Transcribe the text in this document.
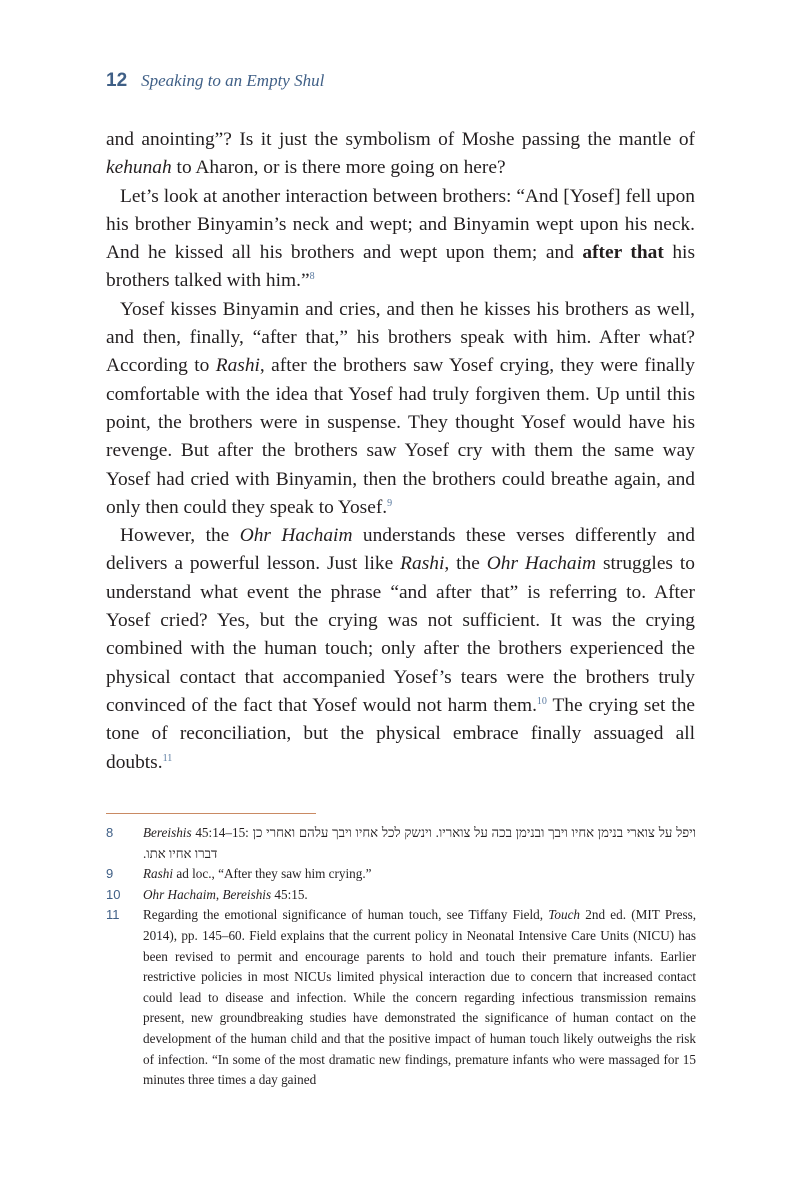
12 Speaking to an Empty Shul

and anointing”? Is it just the symbolism of Moshe passing the mantle of kehunah to Aharon, or is there more going on here?

Let’s look at another interaction between brothers: “And [Yosef] fell upon his brother Binyamin’s neck and wept; and Binyamin wept upon his neck. And he kissed all his brothers and wept upon them; and after that his brothers talked with him.”$^8$

Yosef kisses Binyamin and cries, and then he kisses his brothers as well, and then, finally, “after that,” his brothers speak with him. After what? According to Rashi, after the brothers saw Yosef crying, they were finally comfortable with the idea that Yosef had truly forgiven them. Up until this point, the brothers were in suspense. They thought Yosef would have his revenge. But after the brothers saw Yosef cry with them the same way Yosef had cried with Binyamin, then the brothers could breathe again, and only then could they speak to Yosef.$^9$

However, the Ohr Hachaim understands these verses differently and delivers a powerful lesson. Just like Rashi, the Ohr Hachaim struggles to understand what event the phrase “and after that” is referring to. After Yosef cried? Yes, but the crying was not sufficient. It was the crying combined with the human touch; only after the brothers experienced the physical contact that accompanied Yosef’s tears were the brothers truly convinced of the fact that Yosef would not harm them.$^{10}$ The crying set the tone of reconciliation, but the physical embrace finally assuaged all doubts.$^{11}$

8	Bereishis 45:14–15: ויפל על צוארי בנימן אחיו ויבך ובנימן בכה על צואריו. וינשק לכל אחיו ויבך עלהם ואחרי כן דברו אחיו אתו.
9	Rashi ad loc., “After they saw him crying.”
10	Ohr Hachaim, Bereishis 45:15.
11	Regarding the emotional significance of human touch, see Tiffany Field, Touch 2nd ed. (MIT Press, 2014), pp. 145–60. Field explains that the current policy in Neonatal Intensive Care Units (NICU) has been revised to permit and encourage parents to hold and touch their premature infants. Earlier restrictive policies in most NICUs limited physical interaction due to concern that increased contact could lead to disease and infection. While the concern regarding infectious transmission remains present, new groundbreaking studies have demonstrated the significance of human contact on the development of the human child and that the positive impact of human touch likely outweighs the risk of infection. “In some of the most dramatic new findings, premature infants who were massaged for 15 minutes three times a day gained
